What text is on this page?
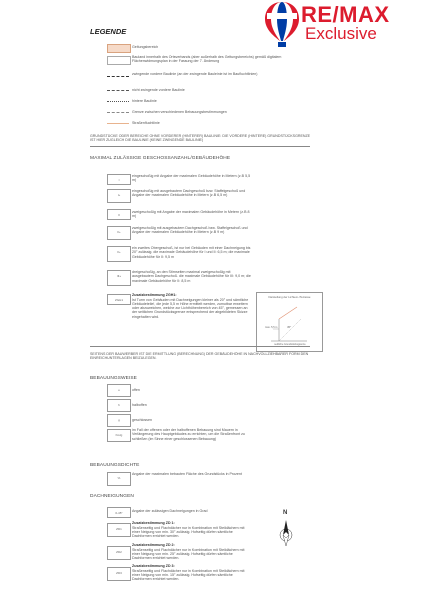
RE/MAX
Exclusive
LEGENDE
Geltungsbereich
Bauland innerhalb des Ortsverbands (aber außerhalb des Geltungsbereichs) gemäß digitalem Flächenwidmungsplan in der Fassung der 7. Änderung
zwingende vordere Baulinie (an der zwingende Bauleinie ist im Baufluchtlinien)
nicht zwingende vordere Baulinie
hintere Baulinie
Grenze zwischen verschiedenen Bebauungsbestimmungen
Straßenfluchtlinie
GRUNDSTÜCKE ODER BEREICHE OHNE VORDERER (HINTERER) BAULINIE: DIE VORDERE (HINTERE) GRUNDSTÜCKSGRENZE IST HIER ZUGLEICH DIE BAULINIE (KEINE ZWINGENDE BAULINIE)
MAXIMAL ZULÄSSIGE GESCHOSSANZAHL/GEBÄUDEHÖHE
I
eingeschoßig mit Angabe der maximalen Gebäudehöhe in Metern (z.B 5,5 m)
I+
eingeschoßig mit ausgebautem Dachgeschoß bzw. Staffelgeschoß und Angabe der maximalen Gebäudehöhe in Metern (z.B 6,5 m)
II
zweigeschoßig mit Angabe der maximalen Gebäudehöhe in Metern (z.B 8 m)
II+
zweigeschoßig mit ausgebautem Dachgeschoß bzw. Staffelgeschoß und Angabe der maximalen Gebäudehöhe in Metern (z.B 9 m)
II+
ein zweites Obergeschoß, ist nur bei Gebäuden mit einer Dachneigung bis 20° zulässig. die maximale Gebäudehöhe für I und II: 6,5 m; die maximale Gebäudehöhe für II: 9,5 m
III+
dreigeschoßig, an den Stirnseiten maximal zweigeschoßig mit ausgebautem Dachgeschoß. die maximale Gebäudehöhe für III: 9,0 m; die maximale Gebäudehöhe für II: 8,5 m
ZGH1
Zusatzbestimmung ZGH1:
Ist Turm von Gebäuden mit Dachneigungen kleiner als 20° und sämtliche Gebäudeteile!, die jede 5,5 m Höhe ermittelt werden, zumutbar erweitern oder abzuweichen, welche zur Lichthöhenbereich von 45°, gemessen an der seitlichen Grundstücksgrenze entsprechend der abgebildeten Skizze eingehalten wird.
Darstellung der Lichtem-/Terrasse
45°
max. 5,5 m
seitliche Grundstücksgrenze
SEITENS DER BAUWERBER IST DIE ERMITTLUNG (BERECHNUNG) DER GEBÄUDEHÖHE IN NACHVOLLZIEHBARER FORM DEN EINREICHUNTERLAGEN BEIZULEGEN.
BEBAUUNGSWEISE
o	offen
h	halboffen
g	geschlossen
h/o/g
im Fall der offenen oder der halboffenen Bebauung sind Mauern in Verlängerung des Hauptgebäudes zu errichten, um die Straßenfront zu schließen (im Sinne einer geschlossenen Bebauung)
BEBAUUNGSDICHTE
%
Angabe der maximalen bebauten Fläche des Grundstücks in Prozent
DACHNEIGUNGEN
0-45°	Angabe der zulässigen Dachneigungen in Grad
ZD1
Zusatzbestimmung ZD 1:
Straßenseitig und Flachdächer nur in Kombination mit Steildächern mit einer Neigung von min. 30° zulässig. Hofseitig dürfen sämtliche Dachformen errichtet werden.
ZD2
Zusatzbestimmung ZD 2:
Straßenseitig und Flachdächer nur in Kombination mit Steildächern mit einer Neigung von min. 25° zulässig. Hofseitig dürfen sämtliche Dachformen errichtet werden.
ZD3
Zusatzbestimmung ZD 3:
Straßenseitig und Flachdächer nur in Kombination mit Steildächern mit einer Neigung von min. 15° zulässig. Hofseitig dürfen sämtliche Dachformen errichtet werden.
N
